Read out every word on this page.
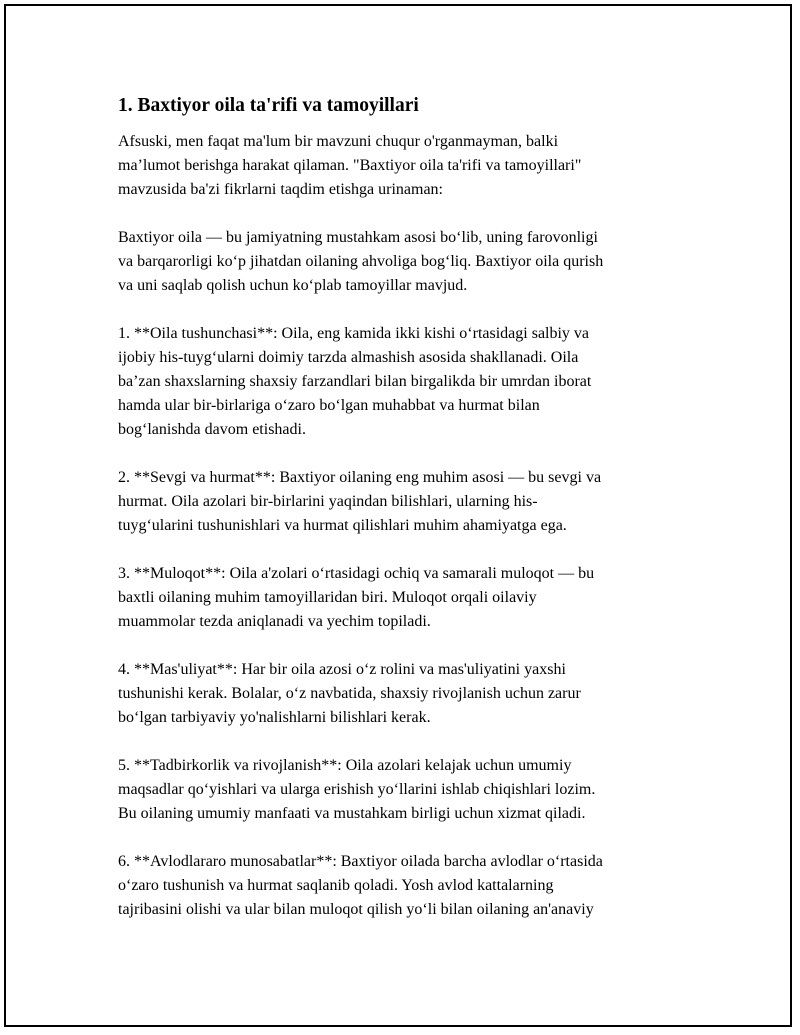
1. Baxtiyor oila ta'rifi va tamoyillari

Afsuski, men faqat ma'lum bir mavzuni chuqur o'rganmayman, balki
ma’lumot berishga harakat qilaman. "Baxtiyor oila ta'rifi va tamoyillari"
mavzusida ba'zi fikrlarni taqdim etishga urinaman:

Baxtiyor oila — bu jamiyatning mustahkam asosi bo‘lib, uning farovonligi
va barqarorligi ko‘p jihatdan oilaning ahvoliga bog‘liq. Baxtiyor oila qurish
va uni saqlab qolish uchun ko‘plab tamoyillar mavjud.

1. **Oila tushunchasi**: Oila, eng kamida ikki kishi o‘rtasidagi salbiy va
ijobiy his-tuyg‘ularni doimiy tarzda almashish asosida shakllanadi. Oila
ba’zan shaxslarning shaxsiy farzandlari bilan birgalikda bir umrdan iborat
hamda ular bir-birlariga o‘zaro bo‘lgan muhabbat va hurmat bilan
bog‘lanishda davom etishadi.

2. **Sevgi va hurmat**: Baxtiyor oilaning eng muhim asosi — bu sevgi va
hurmat. Oila azolari bir-birlarini yaqindan bilishlari, ularning his-
tuyg‘ularini tushunishlari va hurmat qilishlari muhim ahamiyatga ega.

3. **Muloqot**: Oila a'zolari o‘rtasidagi ochiq va samarali muloqot — bu
baxtli oilaning muhim tamoyillaridan biri. Muloqot orqali oilaviy
muammolar tezda aniqlanadi va yechim topiladi.

4. **Mas'uliyat**: Har bir oila azosi o‘z rolini va mas'uliyatini yaxshi
tushunishi kerak. Bolalar, o‘z navbatida, shaxsiy rivojlanish uchun zarur
bo‘lgan tarbiyaviy yo'nalishlarni bilishlari kerak.

5. **Tadbirkorlik va rivojlanish**: Oila azolari kelajak uchun umumiy
maqsadlar qo‘yishlari va ularga erishish yo‘llarini ishlab chiqishlari lozim.
Bu oilaning umumiy manfaati va mustahkam birligi uchun xizmat qiladi.

6. **Avlodlararo munosabatlar**: Baxtiyor oilada barcha avlodlar o‘rtasida
o‘zaro tushunish va hurmat saqlanib qoladi. Yosh avlod kattalarning
tajribasini olishi va ular bilan muloqot qilish yo‘li bilan oilaning an'anaviy
